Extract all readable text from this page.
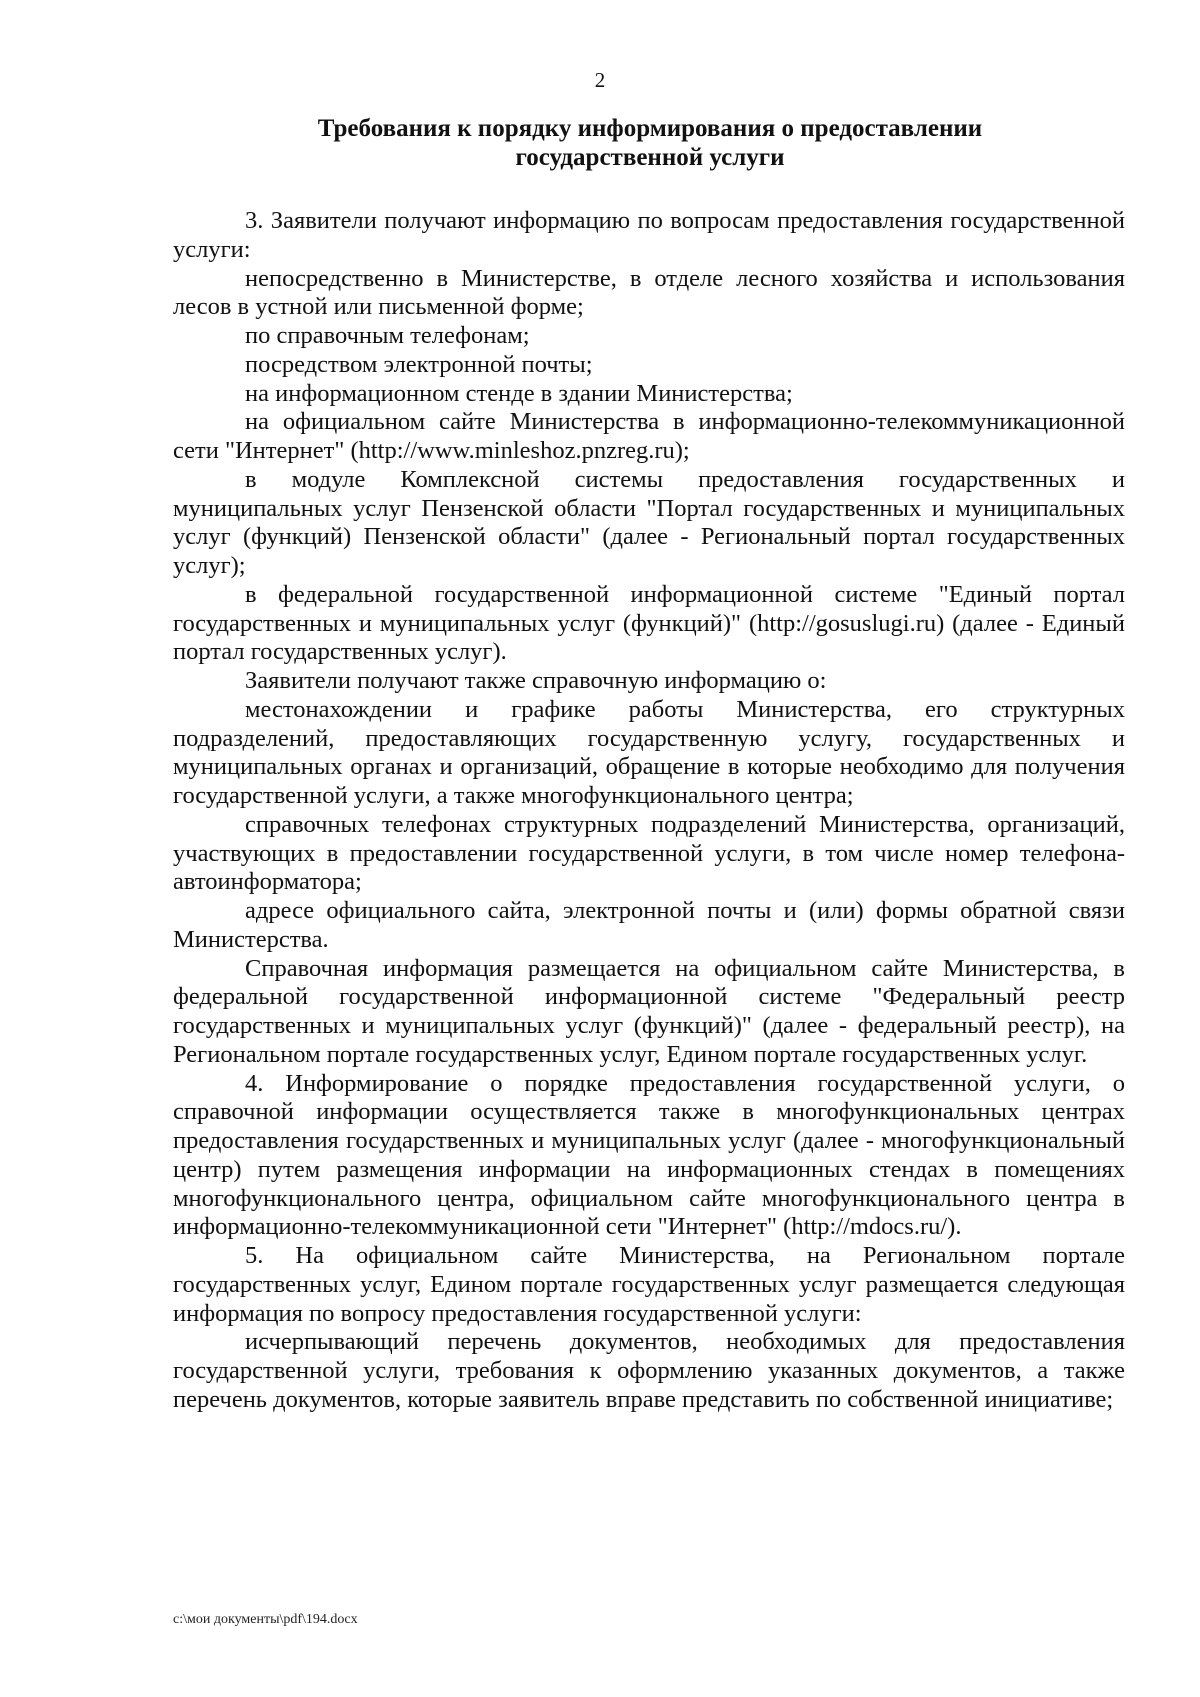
2
Требования к порядку информирования о предоставлении
государственной услуги

3. Заявители получают информацию по вопросам предоставления государственной услуги:

непосредственно в Министерстве, в отделе лесного хозяйства и использования лесов в устной или письменной форме;

по справочным телефонам;

посредством электронной почты;

на информационном стенде в здании Министерства;

на официальном сайте Министерства в информационно-телекоммуникационной сети "Интернет" (http://www.minleshoz.pnzreg.ru);

в модуле Комплексной системы предоставления государственных и муниципальных услуг Пензенской области "Портал государственных и муниципальных услуг (функций) Пензенской области" (далее - Региональный портал государственных услуг);

в федеральной государственной информационной системе "Единый портал государственных и муниципальных услуг (функций)" (http://gosuslugi.ru) (далее - Единый портал государственных услуг).

Заявители получают также справочную информацию о:

местонахождении и графике работы Министерства, его структурных подразделений, предоставляющих государственную услугу, государственных и муниципальных органах и организаций, обращение в которые необходимо для получения государственной услуги, а также многофункционального центра;

справочных телефонах структурных подразделений Министерства, организаций, участвующих в предоставлении государственной услуги, в том числе номер телефона-автоинформатора;

адресе официального сайта, электронной почты и (или) формы обратной связи Министерства.

Справочная информация размещается на официальном сайте Министерства, в федеральной государственной информационной системе "Федеральный реестр государственных и муниципальных услуг (функций)" (далее - федеральный реестр), на Региональном портале государственных услуг, Едином портале государственных услуг.

4. Информирование о порядке предоставления государственной услуги, о справочной информации осуществляется также в многофункциональных центрах предоставления государственных и муниципальных услуг (далее - многофункциональный центр) путем размещения информации на информационных стендах в помещениях многофункционального центра, официальном сайте многофункционального центра в информационно-телекоммуникационной сети "Интернет" (http://mdocs.ru/).

5. На официальном сайте Министерства, на Региональном портале государственных услуг, Едином портале государственных услуг размещается следующая информация по вопросу предоставления государственной услуги:

исчерпывающий перечень документов, необходимых для предоставления государственной услуги, требования к оформлению указанных документов, а также перечень документов, которые заявитель вправе представить по собственной инициативе;

c:\мои документы\pdf\194.docx
